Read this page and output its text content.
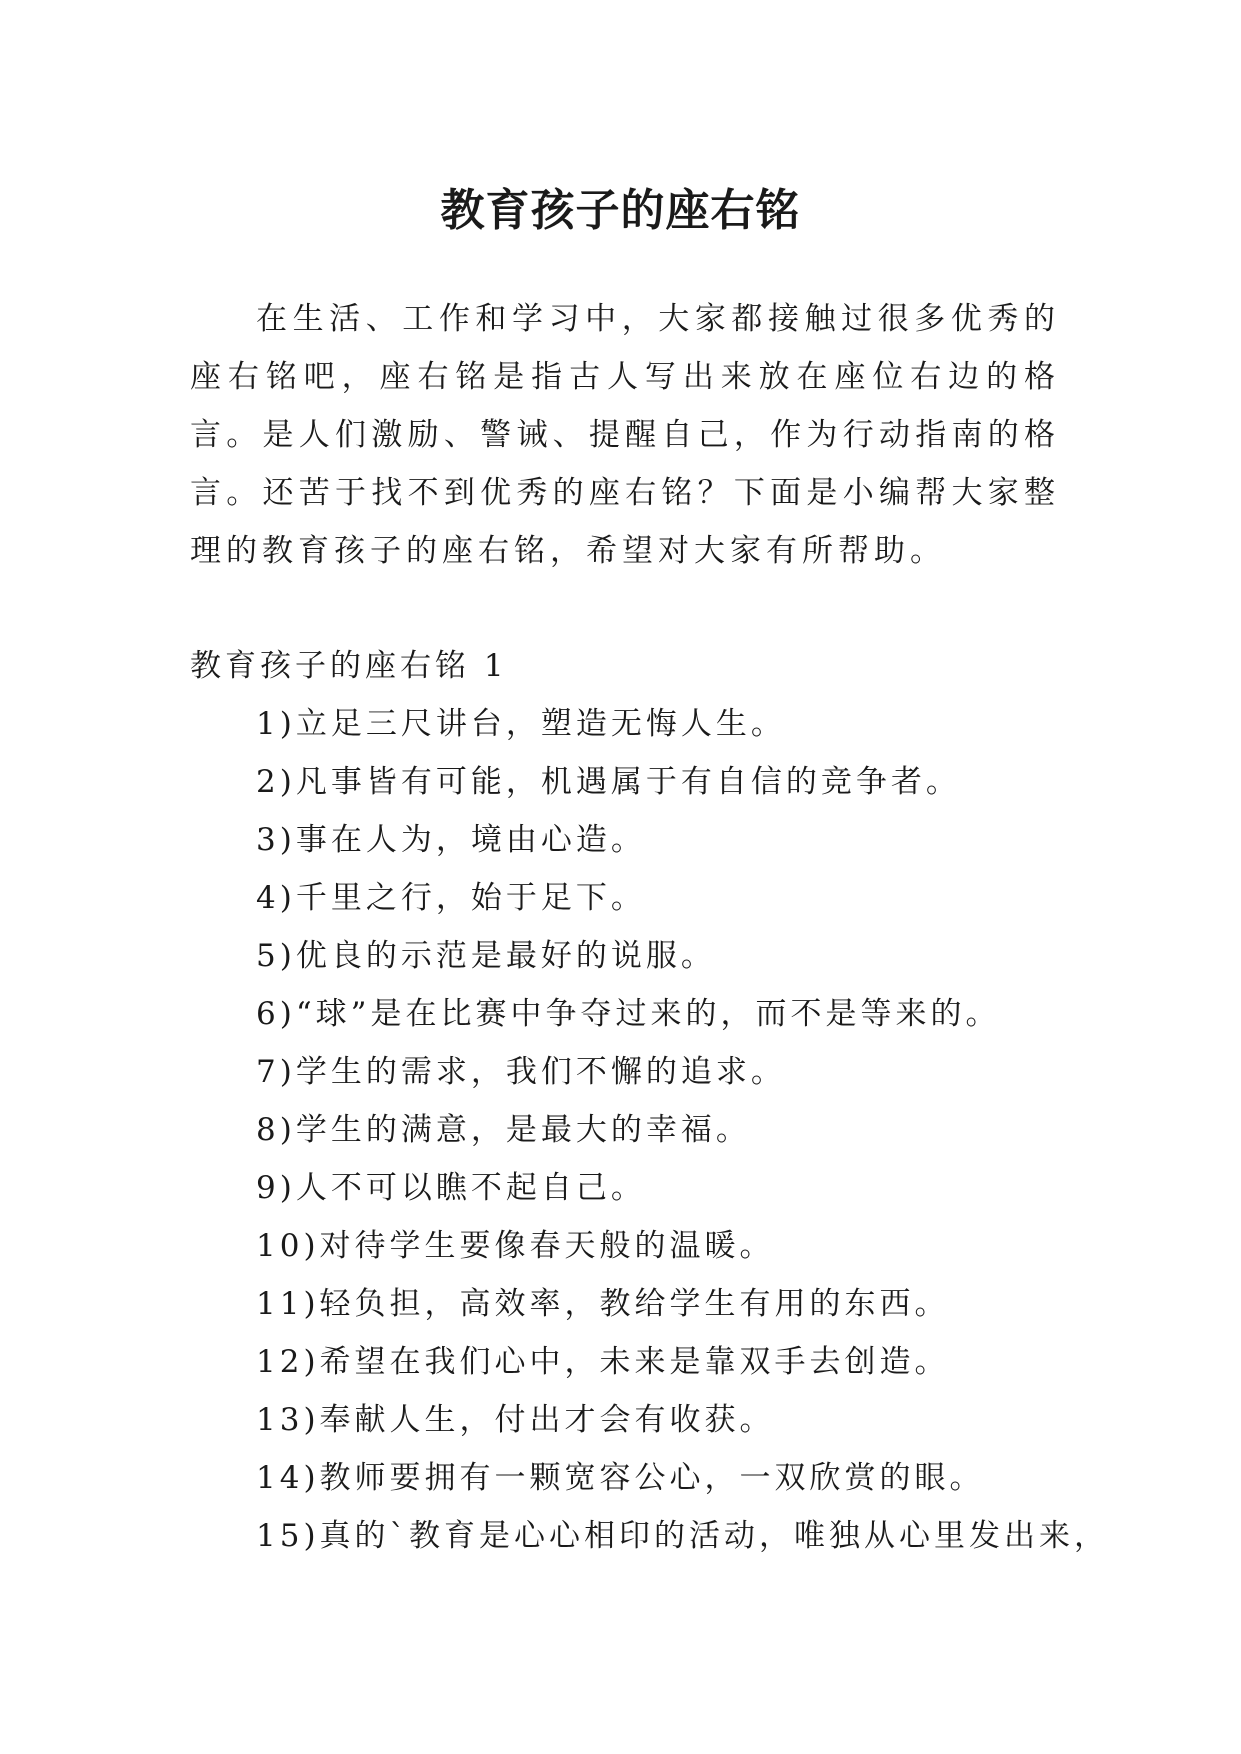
教育孩子的座右铭

在生活、工作和学习中，大家都接触过很多优秀的座右铭吧，座右铭是指古人写出来放在座位右边的格言。是人们激励、警诫、提醒自己，作为行动指南的格言。还苦于找不到优秀的座右铭？下面是小编帮大家整理的教育孩子的座右铭，希望对大家有所帮助。

教育孩子的座右铭 1

1)立足三尺讲台，塑造无悔人生。
2)凡事皆有可能，机遇属于有自信的竞争者。
3)事在人为，境由心造。
4)千里之行，始于足下。
5)优良的示范是最好的说服。
6)“球”是在比赛中争夺过来的，而不是等来的。
7)学生的需求，我们不懈的追求。
8)学生的满意，是最大的幸福。
9)人不可以瞧不起自己。
10)对待学生要像春天般的温暖。
11)轻负担，高效率，教给学生有用的东西。
12)希望在我们心中，未来是靠双手去创造。
13)奉献人生，付出才会有收获。
14)教师要拥有一颗宽容公心，一双欣赏的眼。
15)真的`教育是心心相印的活动，唯独从心里发出来，
